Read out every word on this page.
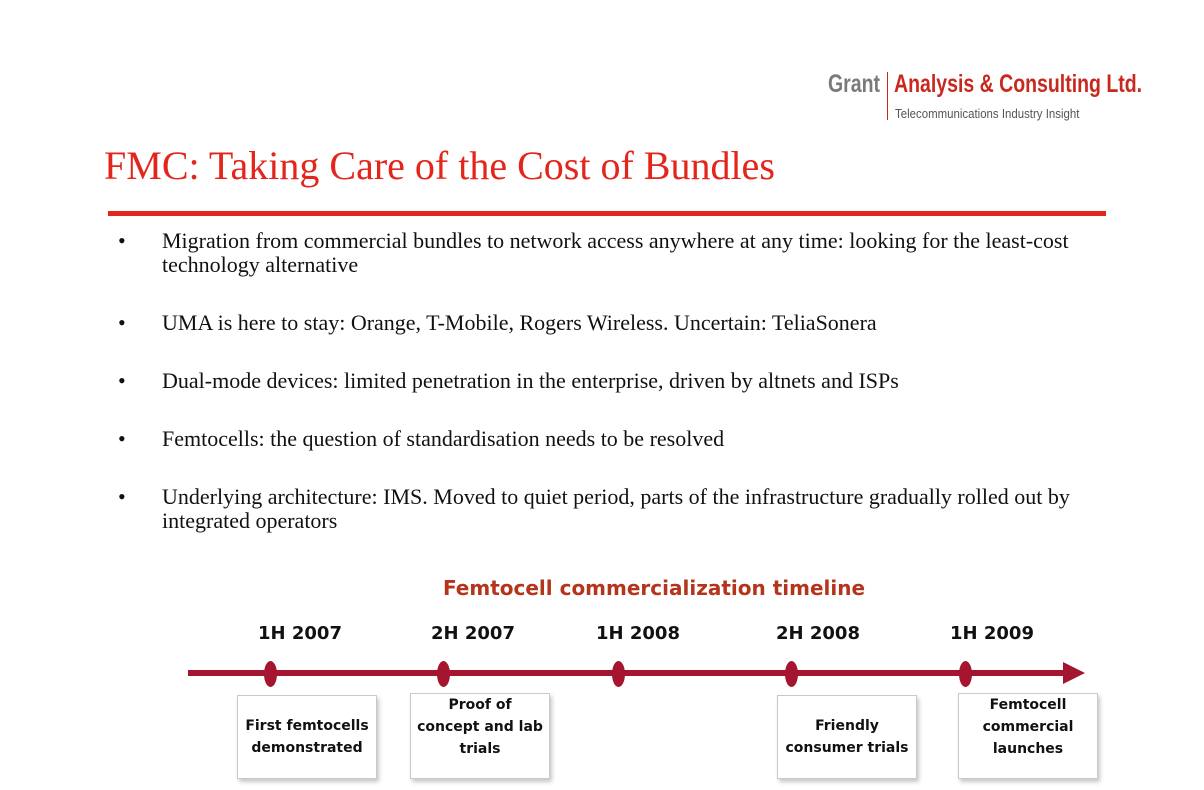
Grant Analysis & Consulting Ltd.
Telecommunications Industry Insight
FMC: Taking Care of the Cost of Bundles
• Migration from commercial bundles to network access anywhere at any time: looking for the least-cost technology alternative
• UMA is here to stay: Orange, T-Mobile, Rogers Wireless. Uncertain: TeliaSonera
• Dual-mode devices: limited penetration in the enterprise, driven by altnets and ISPs
• Femtocells: the question of standardisation needs to be resolved
• Underlying architecture: IMS. Moved to quiet period, parts of the infrastructure gradually rolled out by integrated operators
Femtocell commercialization timeline
1H 2007	2H 2007	1H 2008	2H 2008	1H 2009
First femtocells demonstrated
Proof of concept and lab trials
Friendly consumer trials
Femtocell commercial launches
